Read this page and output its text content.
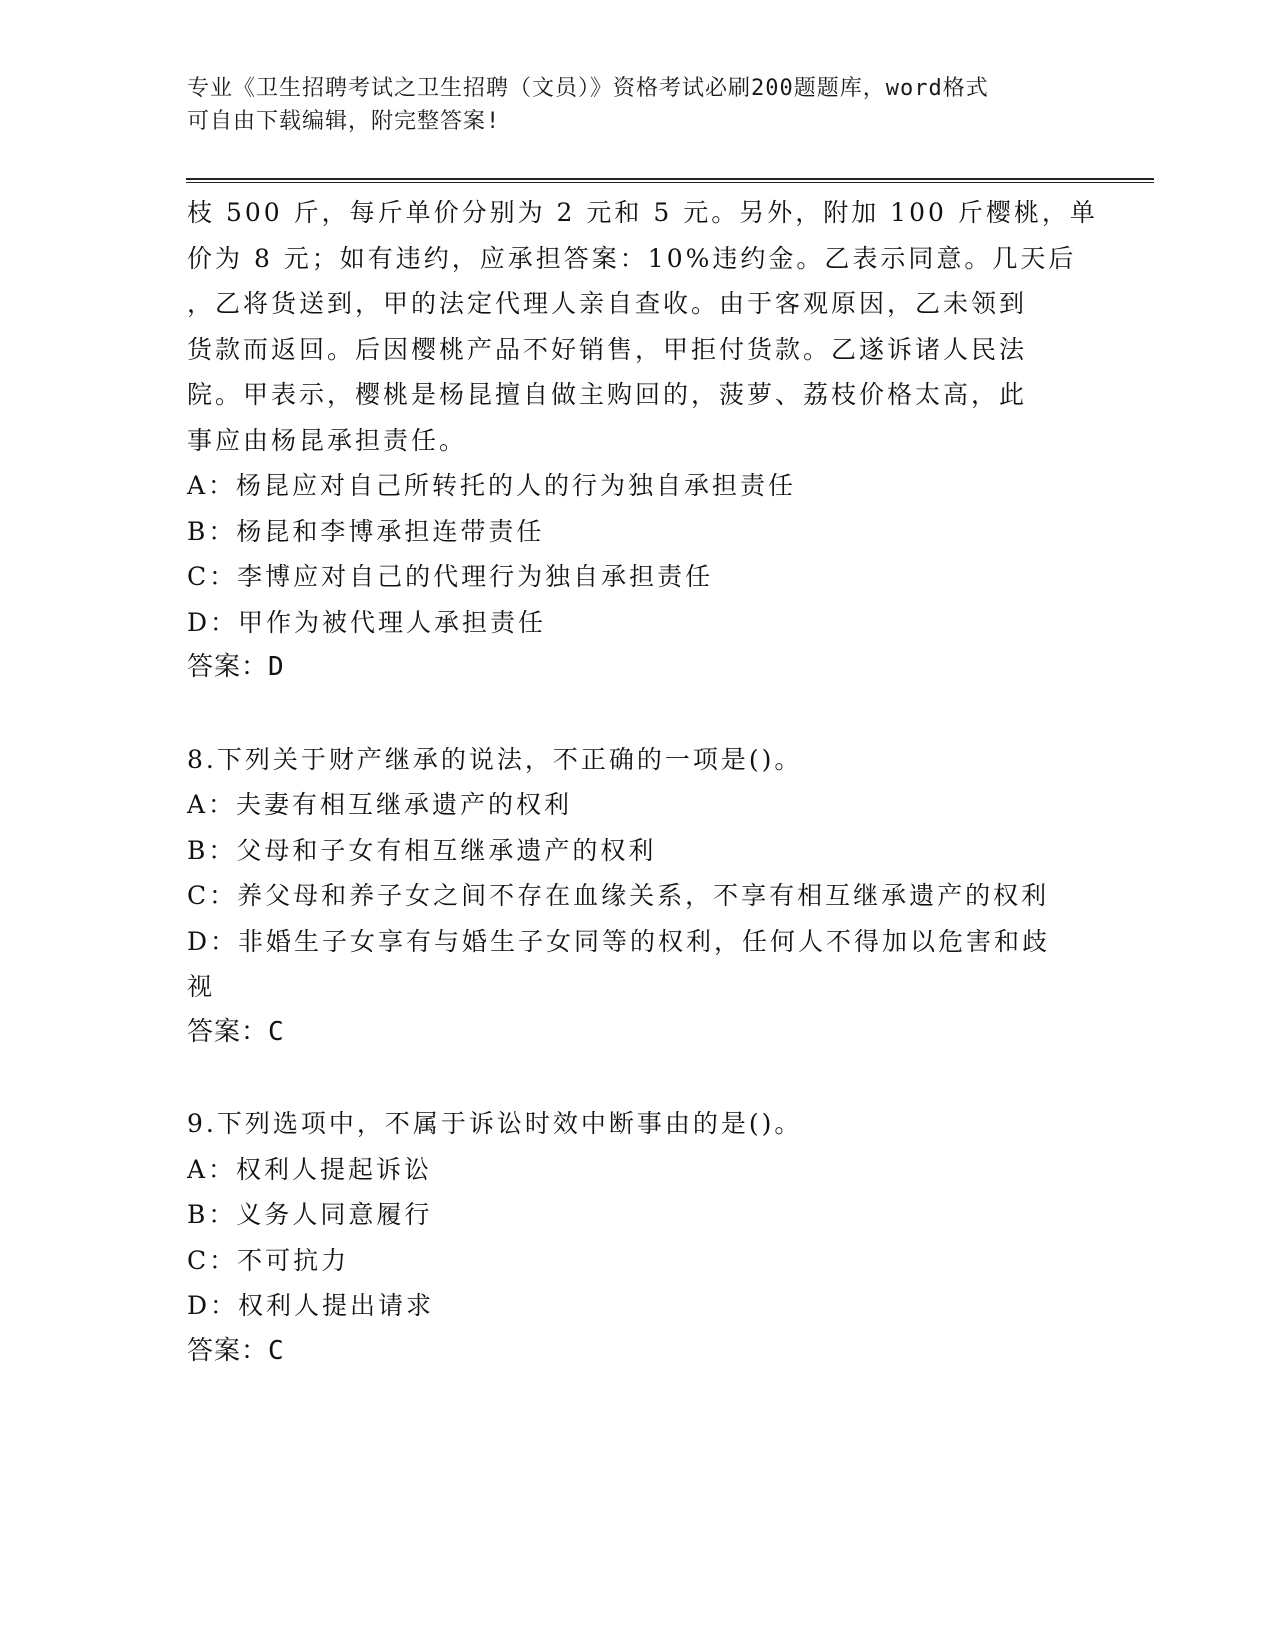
专业《卫生招聘考试之卫生招聘（文员）》资格考试必刷200题题库，word格式
可自由下载编辑，附完整答案!
枝 500 斤，每斤单价分别为 2 元和 5 元。另外，附加 100 斤樱桃，单
价为 8 元；如有违约，应承担答案：10%违约金。乙表示同意。几天后
，乙将货送到，甲的法定代理人亲自查收。由于客观原因，乙未领到
货款而返回。后因樱桃产品不好销售，甲拒付货款。乙遂诉诸人民法
院。甲表示，樱桃是杨昆擅自做主购回的，菠萝、荔枝价格太高，此
事应由杨昆承担责任。
A：杨昆应对自己所转托的人的行为独自承担责任
B：杨昆和李博承担连带责任
C：李博应对自己的代理行为独自承担责任
D：甲作为被代理人承担责任
答案：D
8.下列关于财产继承的说法，不正确的一项是()。
A：夫妻有相互继承遗产的权利
B：父母和子女有相互继承遗产的权利
C：养父母和养子女之间不存在血缘关系，不享有相互继承遗产的权利
D：非婚生子女享有与婚生子女同等的权利，任何人不得加以危害和歧
视
答案：C
9.下列选项中，不属于诉讼时效中断事由的是()。
A：权利人提起诉讼
B：义务人同意履行
C：不可抗力
D：权利人提出请求
答案：C
